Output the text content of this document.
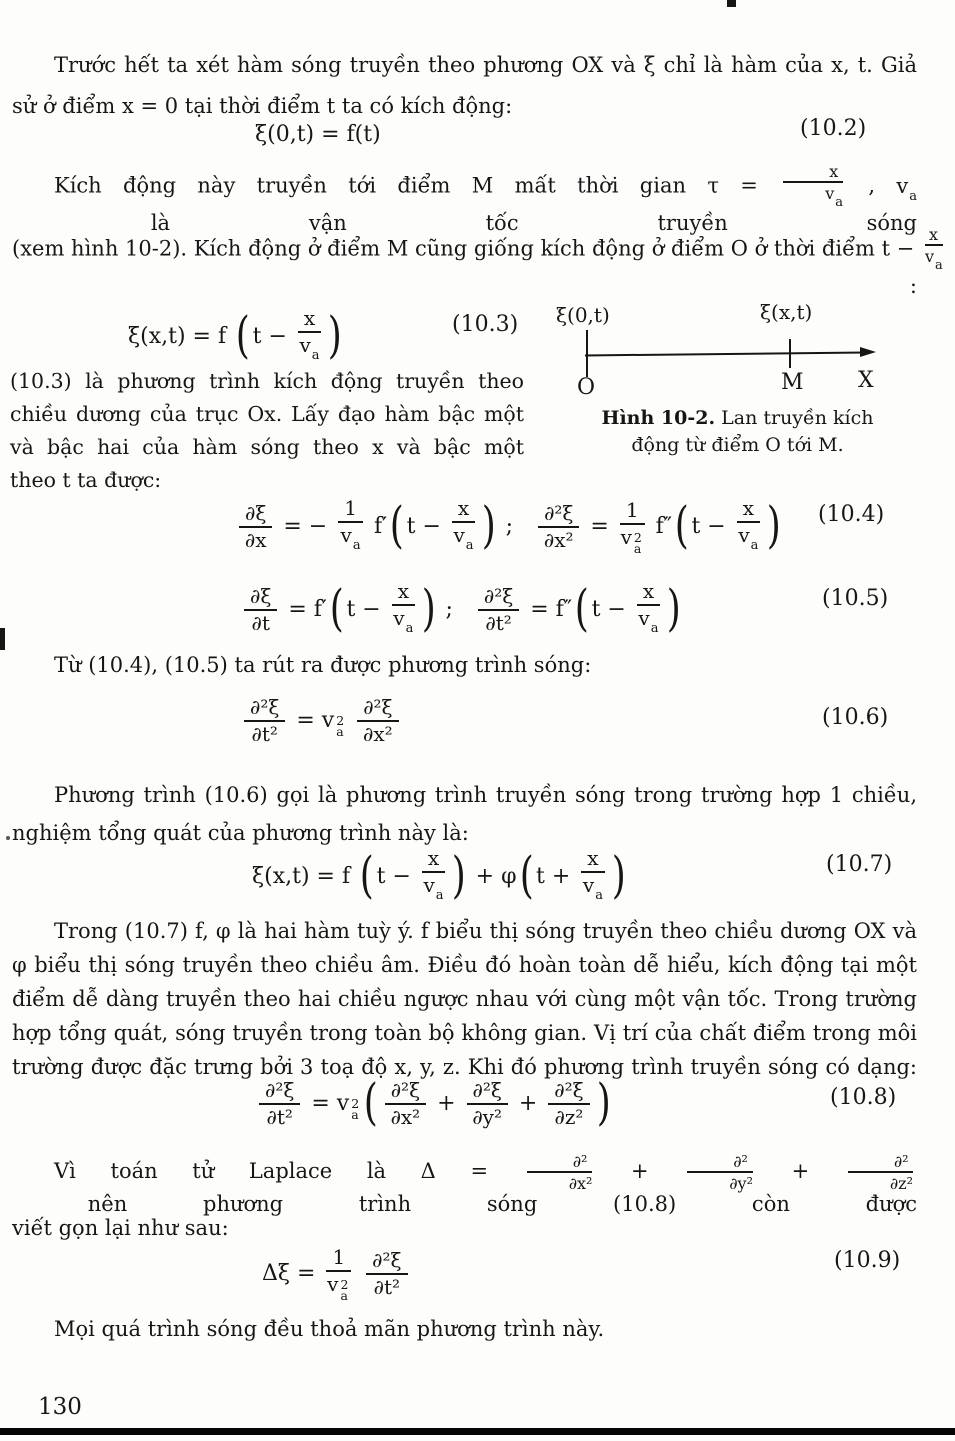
Trước hết ta xét hàm sóng truyền theo phương OX và ξ chỉ là hàm của x, t. Giả
sử ở điểm x = 0 tại thời điểm t ta có kích động:
ξ(0,t) = f(t)	(10.2)
Kích động này truyền tới điểm M mất thời gian $\tau = \frac{x}{v_a}$ , $v_a$ là vận tốc truyền sóng
(xem hình 10-2). Kích động ở điểm M cũng giống kích động ở điểm O ở thời điểm $t - \frac{x}{v_a}$
:
ξ(x,t) = f ( $t - \frac{x}{v_a}$ )	(10.3) ξ(0,t)	ξ(x,t)
O	M X
Hình 10-2. Lan truyền kích
động từ điểm O tới M.
(10.3) là phương trình kích động truyền theo
chiều dương của trục Ox. Lấy đạo hàm bậc một
và bậc hai của hàm sóng theo x và bậc một
theo t ta được:
$\frac{\partial\xi}{\partial x}$ = − $\frac{1}{v_a} f'$( $t - \frac{x}{v_a}$ ) ; $\frac{\text{∂²ξ}}{\text{∂x²}} = 1$
v 2
a f″( $t - \frac{x}{v_a}$ ) (10.4)
$\frac{\partial\xi}{\partial t} = f'$( $t - \frac{x}{v_a}$ ) ; $\frac{\text{∂²ξ}}{\text{∂t²}} = f''$( $t - \frac{x}{v_a}$ )	(10.5)
Từ (10.4), (10.5) ta rút ra được phương trình sóng:
$\frac{\text{∂²ξ}}{\text{∂t²}} = v$ 2
a
$\frac{\text{∂²ξ}}{\text{∂x²}}$	(10.6)
Phương trình (10.6) gọi là phương trình truyền sóng trong trường hợp 1 chiều,
nghiệm tổng quát của phương trình này là:
ξ(x,t) = f ( $t - \frac{x}{v_a}$ ) + φ( $t + \frac{x}{v_a}$ )	(10.7)
Trong (10.7) f, φ là hai hàm tuỳ ý. f biểu thị sóng truyền theo chiều dương OX và
φ biểu thị sóng truyền theo chiều âm. Điều đó hoàn toàn dễ hiểu, kích động tại một
điểm dễ dàng truyền theo hai chiều ngược nhau với cùng một vận tốc. Trong trường
hợp tổng quát, sóng truyền trong toàn bộ không gian. Vị trí của chất điểm trong môi
trường được đặc trưng bởi 3 toạ độ x, y, z. Khi đó phương trình truyền sóng có dạng:
$\frac{\text{∂²ξ}}{\text{∂t²}} = v$ 2
a ( $\frac{\text{∂²ξ}}{\text{∂x²}} + \frac{\text{∂²ξ}}{\text{∂y²}} + \frac{\text{∂²ξ}}{\text{∂z²}}$ )	(10.8)
Vì toán tử Laplace là $\Delta = \frac{\text{∂²}}{\text{∂x²}} + \frac{\text{∂²}}{\text{∂y²}} + \frac{\text{∂²}}{\text{∂z²}}$
nên phương trình sóng (10.8) còn được
viết gọn lại như sau:
Δξ = 1
v 2
a
$\frac{\text{∂²ξ}}{\text{∂t²}}$	(10.9)
Mọi quá trình sóng đều thoả mãn phương trình này.
130
